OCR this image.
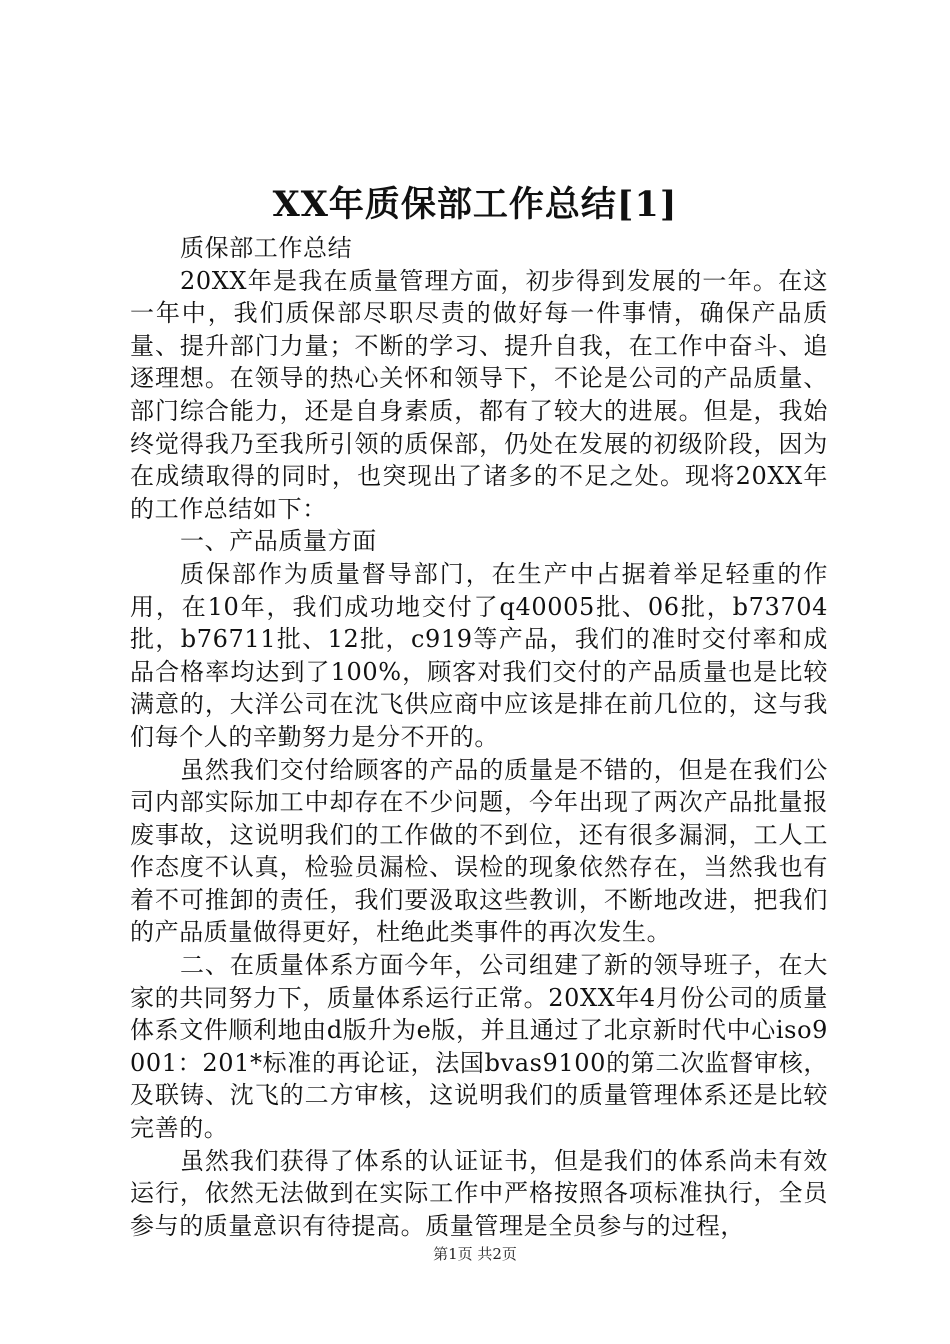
XX年质保部工作总结[1]

质保部工作总结

20XX年是我在质量管理方面，初步得到发展的一年。在这一年中，我们质保部尽职尽责的做好每一件事情，确保产品质量、提升部门力量；不断的学习、提升自我，在工作中奋斗、追逐理想。在领导的热心关怀和领导下，不论是公司的产品质量、部门综合能力，还是自身素质，都有了较大的进展。但是，我始终觉得我乃至我所引领的质保部，仍处在发展的初级阶段，因为在成绩取得的同时，也突现出了诸多的不足之处。现将20XX年的工作总结如下：

一、产品质量方面

质保部作为质量督导部门，在生产中占据着举足轻重的作用，在10年，我们成功地交付了q40005批、06批，b73704批，b76711批、12批，c919等产品，我们的准时交付率和成品合格率均达到了100%，顾客对我们交付的产品质量也是比较满意的，大洋公司在沈飞供应商中应该是排在前几位的，这与我们每个人的辛勤努力是分不开的。

虽然我们交付给顾客的产品的质量是不错的，但是在我们公司内部实际加工中却存在不少问题，今年出现了两次产品批量报废事故，这说明我们的工作做的不到位，还有很多漏洞，工人工作态度不认真，检验员漏检、误检的现象依然存在，当然我也有着不可推卸的责任，我们要汲取这些教训，不断地改进，把我们的产品质量做得更好，杜绝此类事件的再次发生。

二、在质量体系方面今年，公司组建了新的领导班子，在大家的共同努力下，质量体系运行正常。20XX年4月份公司的质量体系文件顺利地由d版升为e版，并且通过了北京新时代中心iso9001：201*标准的再论证，法国bvas9100的第二次监督审核，及联铸、沈飞的二方审核，这说明我们的质量管理体系还是比较完善的。

虽然我们获得了体系的认证证书，但是我们的体系尚未有效运行，依然无法做到在实际工作中严格按照各项标准执行，全员参与的质量意识有待提高。质量管理是全员参与的过程，

第1页 共2页
